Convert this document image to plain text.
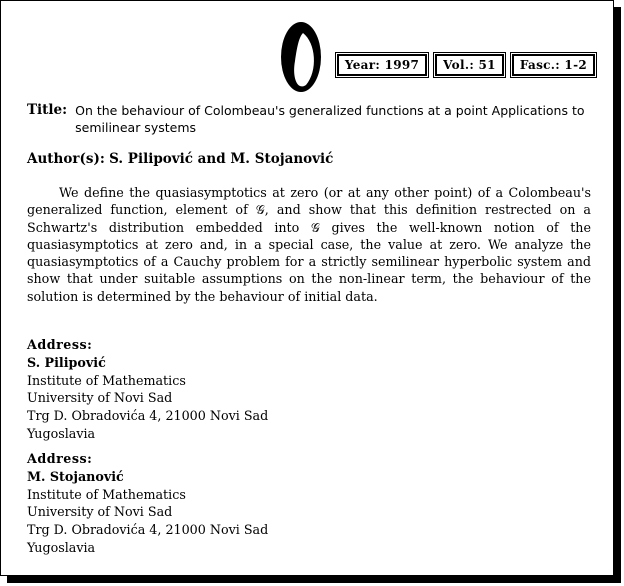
Year: 1997	Vol.: 51	Fasc.: 1-2
Title: On the behaviour of Colombeau's generalized functions at a point Applications to semilinear systems
Author(s): S. Pilipović and M. Stojanović

We define the quasiasymptotics at zero (or at any other point) of a Colombeau's generalized function, element of 𝒢, and show that this definition restrected on a Schwartz's distribution embedded into 𝒢 gives the well-known notion of the quasiasymptotics at zero and, in a special case, the value at zero. We analyze the quasiasymptotics of a Cauchy problem for a strictly semilinear hyperbolic system and show that under suitable assumptions on the non-linear term, the behaviour of the solution is determined by the behaviour of initial data.

Address:
S. Pilipović
Institute of Mathematics
University of Novi Sad
Trg D. Obradovića 4, 21000 Novi Sad
Yugoslavia
Address:
M. Stojanović
Institute of Mathematics
University of Novi Sad
Trg D. Obradovića 4, 21000 Novi Sad
Yugoslavia
